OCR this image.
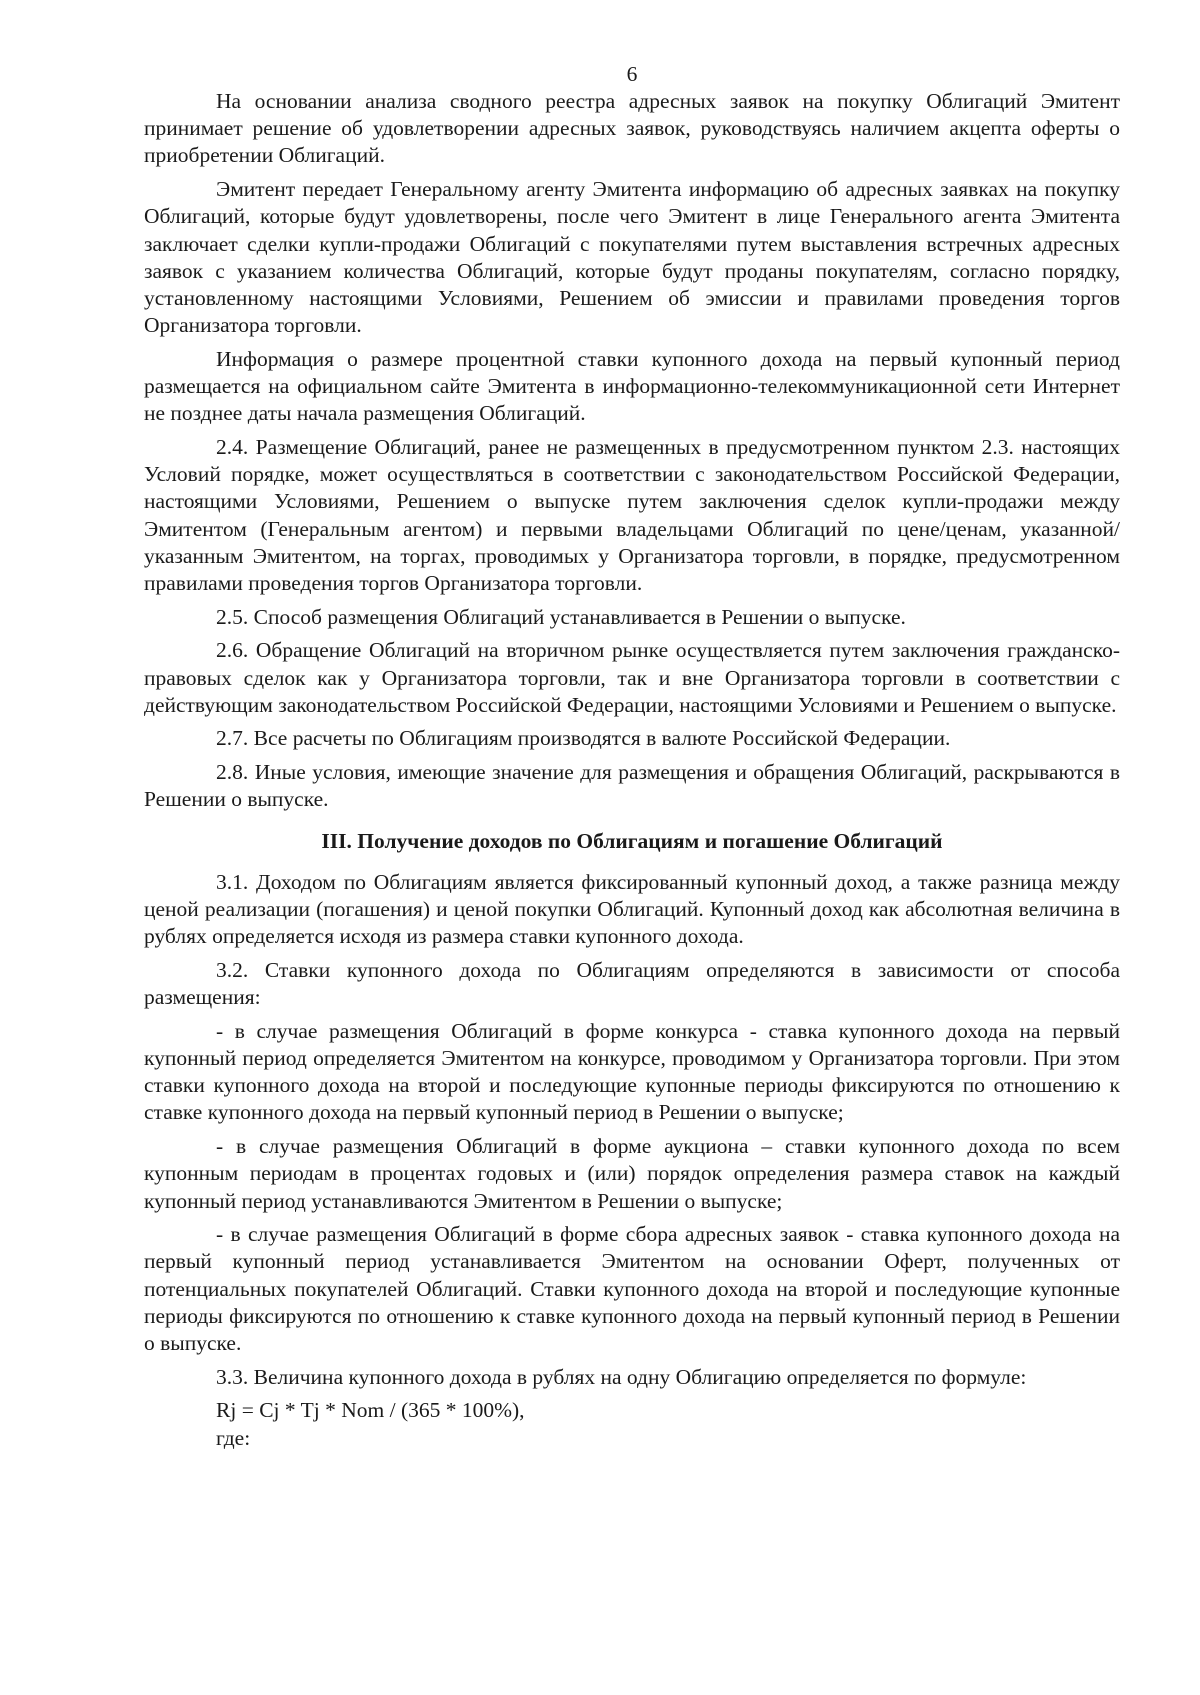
6

На основании анализа сводного реестра адресных заявок на покупку Облигаций Эмитент принимает решение об удовлетворении адресных заявок, руководствуясь наличием акцепта оферты о приобретении Облигаций.

Эмитент передает Генеральному агенту Эмитента информацию об адресных заявках на покупку Облигаций, которые будут удовлетворены, после чего Эмитент в лице Генерального агента Эмитента заключает сделки купли-продажи Облигаций с покупателями путем выставления встречных адресных заявок с указанием количества Облигаций, которые будут проданы покупателям, согласно порядку, установленному настоящими Условиями, Решением об эмиссии и правилами проведения торгов Организатора торговли.

Информация о размере процентной ставки купонного дохода на первый купонный период размещается на официальном сайте Эмитента в информационно-телекоммуникационной сети Интернет не позднее даты начала размещения Облигаций.

2.4. Размещение Облигаций, ранее не размещенных в предусмотренном пунктом 2.3. настоящих Условий порядке, может осуществляться в соответствии с законодательством Российской Федерации, настоящими Условиями, Решением о выпуске путем заключения сделок купли-продажи между Эмитентом (Генеральным агентом) и первыми владельцами Облигаций по цене/ценам, указанной/указанным Эмитентом, на торгах, проводимых у Организатора торговли, в порядке, предусмотренном правилами проведения торгов Организатора торговли.

2.5. Способ размещения Облигаций устанавливается в Решении о выпуске.

2.6. Обращение Облигаций на вторичном рынке осуществляется путем заключения гражданско-правовых сделок как у Организатора торговли, так и вне Организатора торговли в соответствии с действующим законодательством Российской Федерации, настоящими Условиями и Решением о выпуске.

2.7. Все расчеты по Облигациям производятся в валюте Российской Федерации.

2.8. Иные условия, имеющие значение для размещения и обращения Облигаций, раскрываются в Решении о выпуске.

III. Получение доходов по Облигациям и погашение Облигаций

3.1. Доходом по Облигациям является фиксированный купонный доход, а также разница между ценой реализации (погашения) и ценой покупки Облигаций. Купонный доход как абсолютная величина в рублях определяется исходя из размера ставки купонного дохода.

3.2. Ставки купонного дохода по Облигациям определяются в зависимости от способа размещения:

- в случае размещения Облигаций в форме конкурса - ставка купонного дохода на первый купонный период определяется Эмитентом на конкурсе, проводимом у Организатора торговли. При этом ставки купонного дохода на второй и последующие купонные периоды фиксируются по отношению к ставке купонного дохода на первый купонный период в Решении о выпуске;

- в случае размещения Облигаций в форме аукциона – ставки купонного дохода по всем купонным периодам в процентах годовых и (или) порядок определения размера ставок на каждый купонный период устанавливаются Эмитентом в Решении о выпуске;

- в случае размещения Облигаций в форме сбора адресных заявок - ставка купонного дохода на первый купонный период устанавливается Эмитентом на основании Оферт, полученных от потенциальных покупателей Облигаций. Ставки купонного дохода на второй и последующие купонные периоды фиксируются по отношению к ставке купонного дохода на первый купонный период в Решении о выпуске.

3.3. Величина купонного дохода в рублях на одну Облигацию определяется по формуле:

Rj = Cj * Tj * Nom / (365 * 100%),
где:
